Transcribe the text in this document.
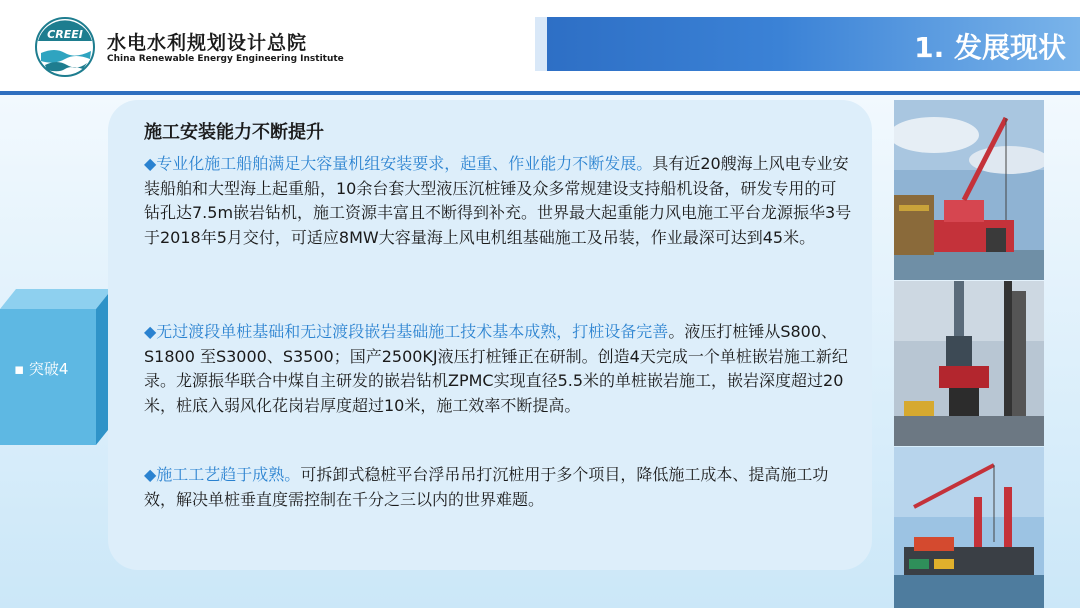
CREEI 水电水利规划设计总院
China Renewable Energy Engineering Institute	1. 发展现状
▪ 突破4
施工安装能力不断提升

◆专业化施工船舶满足大容量机组安装要求，起重、作业能力不断发展。具有近20艘海上风电专业安装船舶和大型海上起重船，10余台套大型液压沉桩锤及众多常规建设支持船机设备，研发专用的可钻孔达7.5m嵌岩钻机，施工资源丰富且不断得到补充。世界最大起重能力风电施工平台龙源振华3号于2018年5月交付，可适应8MW大容量海上风电机组基础施工及吊装，作业最深可达到45米。

◆无过渡段单桩基础和无过渡段嵌岩基础施工技术基本成熟，打桩设备完善。液压打桩锤从S800、S1800 至S3000、S3500；国产2500KJ液压打桩锤正在研制。创造4天完成一个单桩嵌岩施工新纪录。龙源振华联合中煤自主研发的嵌岩钻机ZPMC实现直径5.5米的单桩嵌岩施工，嵌岩深度超过20米，桩底入弱风化花岗岩厚度超过10米，施工效率不断提高。

◆施工工艺趋于成熟。可拆卸式稳桩平台浮吊吊打沉桩用于多个项目，降低施工成本、提高施工功效，解决单桩垂直度需控制在千分之三以内的世界难题。
